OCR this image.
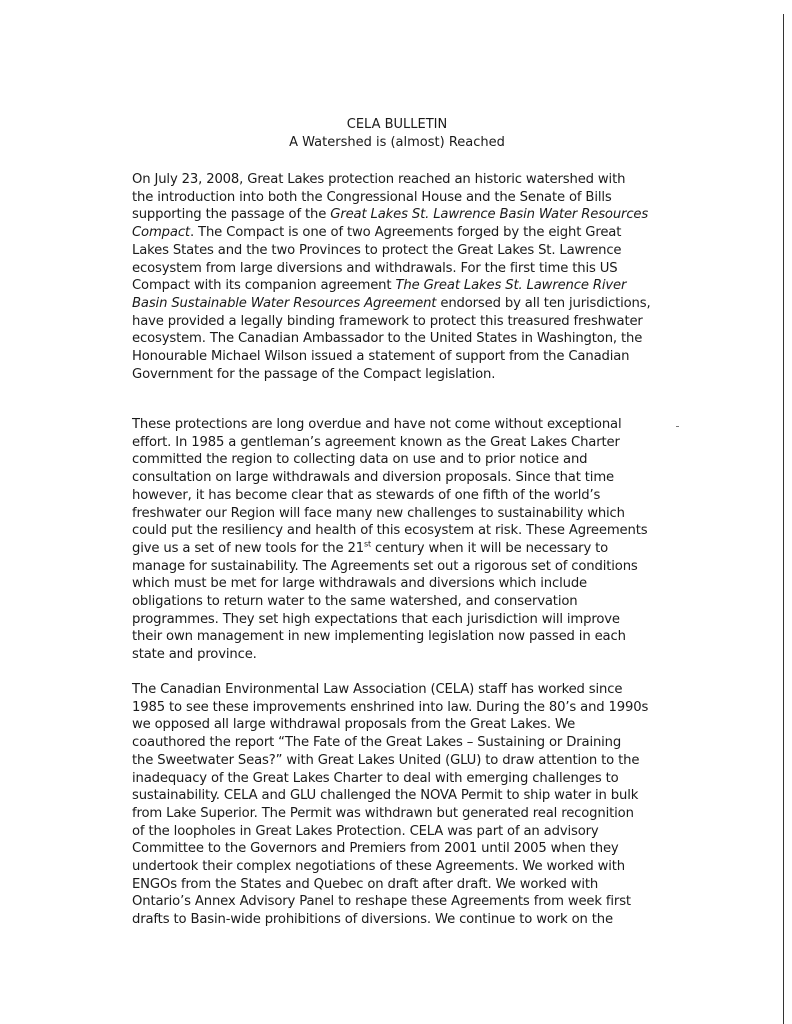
CELA BULLETIN
A Watershed is (almost) Reached

On July 23, 2008, Great Lakes protection reached an historic watershed with
the introduction into both the Congressional House and the Senate of Bills
supporting the passage of the Great Lakes St. Lawrence Basin Water Resources
Compact. The Compact is one of two Agreements forged by the eight Great
Lakes States and the two Provinces to protect the Great Lakes St. Lawrence
ecosystem from large diversions and withdrawals. For the first time this US
Compact with its companion agreement The Great Lakes St. Lawrence River
Basin Sustainable Water Resources Agreement endorsed by all ten jurisdictions,
have provided a legally binding framework to protect this treasured freshwater
ecosystem. The Canadian Ambassador to the United States in Washington, the
Honourable Michael Wilson issued a statement of support from the Canadian
Government for the passage of the Compact legislation.

These protections are long overdue and have not come without exceptional
effort. In 1985 a gentleman’s agreement known as the Great Lakes Charter
committed the region to collecting data on use and to prior notice and
consultation on large withdrawals and diversion proposals. Since that time
however, it has become clear that as stewards of one fifth of the world’s
freshwater our Region will face many new challenges to sustainability which
could put the resiliency and health of this ecosystem at risk. These Agreements
give us a set of new tools for the 21st century when it will be necessary to
manage for sustainability. The Agreements set out a rigorous set of conditions
which must be met for large withdrawals and diversions which include
obligations to return water to the same watershed, and conservation
programmes. They set high expectations that each jurisdiction will improve
their own management in new implementing legislation now passed in each
state and province.

The Canadian Environmental Law Association (CELA) staff has worked since
1985 to see these improvements enshrined into law. During the 80’s and 1990s
we opposed all large withdrawal proposals from the Great Lakes. We
coauthored the report “The Fate of the Great Lakes – Sustaining or Draining
the Sweetwater Seas?” with Great Lakes United (GLU) to draw attention to the
inadequacy of the Great Lakes Charter to deal with emerging challenges to
sustainability. CELA and GLU challenged the NOVA Permit to ship water in bulk
from Lake Superior. The Permit was withdrawn but generated real recognition
of the loopholes in Great Lakes Protection. CELA was part of an advisory
Committee to the Governors and Premiers from 2001 until 2005 when they
undertook their complex negotiations of these Agreements. We worked with
ENGOs from the States and Quebec on draft after draft. We worked with
Ontario’s Annex Advisory Panel to reshape these Agreements from week first
drafts to Basin-wide prohibitions of diversions. We continue to work on the
